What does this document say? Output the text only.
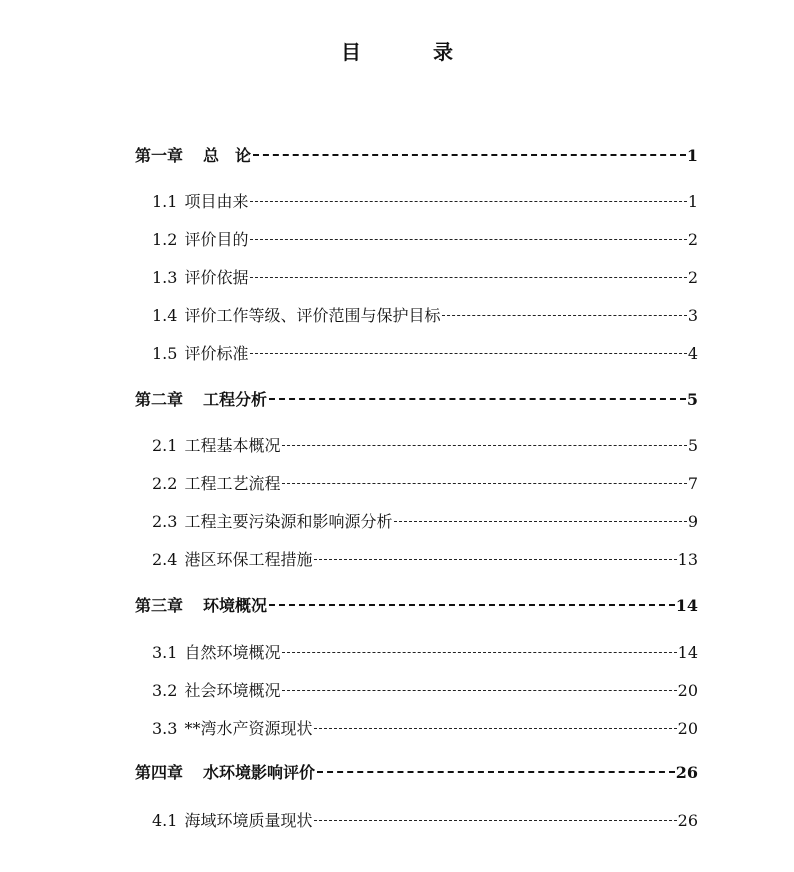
目　录
第一章 总　论	1
1.1 项目由来	1
1.2 评价目的	2
1.3 评价依据	2
1.4 评价工作等级、评价范围与保护目标	3
1.5 评价标准	4
第二章 工程分析	5
2.1 工程基本概况	5
2.2 工程工艺流程	7
2.3 工程主要污染源和影响源分析	9
2.4 港区环保工程措施	13
第三章 环境概况	14
3.1 自然环境概况	14
3.2 社会环境概况	20
3.3 **湾水产资源现状	20
第四章 水环境影响评价	26
4.1 海域环境质量现状	26
